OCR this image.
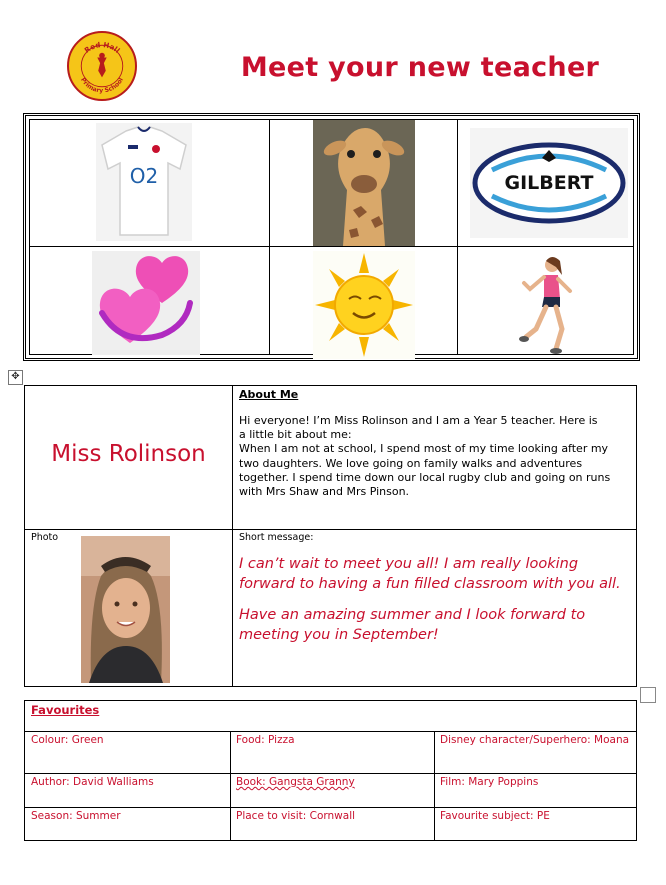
Red Hall
Primary School	Meet your new teacher
O2	GILBERT
✥
Miss Rolinson
About Me
Hi everyone! I’m Miss Rolinson and I am a Year 5 teacher. Here is
a little bit about me:
When I am not at school, I spend most of my time looking after my
two daughters. We love going on family walks and adventures
together. I spend time down our local rugby club and going on runs
with Mrs Shaw and Mrs Pinson.
Photo	Short message:

I can’t wait to meet you all! I am really looking forward to having a fun filled classroom with you all.

Have an amazing summer and I look forward to meeting you in September!

Favourites
Colour: Green	Food: Pizza	Disney character/Superhero: Moana
Author: David Walliams	Book: Gangsta Granny	Film: Mary Poppins
Season: Summer	Place to visit: Cornwall	Favourite subject: PE
